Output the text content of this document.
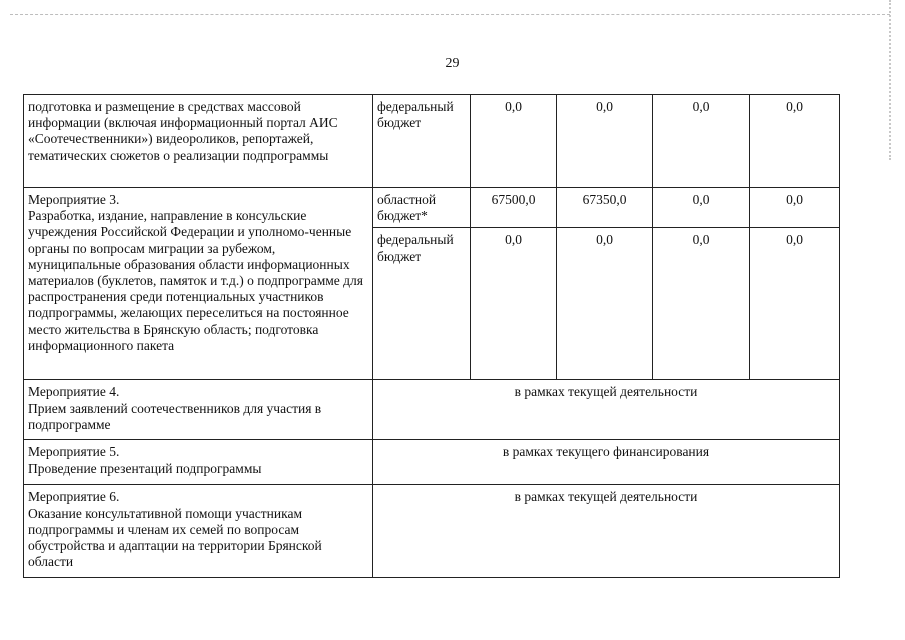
29
подготовка и размещение в средствах массовой информации (включая информационный портал АИС «Соотечественники») видеороликов, репортажей, тематических сюжетов о реализации подпрограммы	федеральный бюджет	0,0	0,0	0,0	0,0
Мероприятие 3.
Разработка, издание, направление в консульские учреждения Российской Федерации и уполномо-ченные органы по вопросам миграции за рубежом, муниципальные образования области информационных материалов (буклетов, памяток и т.д.) о подпрограмме для распространения среди потенциальных участников подпрограммы, желающих переселиться на постоянное место жительства в Брянскую область; подготовка информационного пакета	областной бюджет*	67500,0	67350,0	0,0	0,0
	федеральный бюджет	0,0	0,0	0,0	0,0
Мероприятие 4.
Прием заявлений соотечественников для участия в подпрограмме	в рамках текущей деятельности				
Мероприятие 5.
Проведение презентаций подпрограммы	в рамках текущего финансирования				
Мероприятие 6.
Оказание консультативной помощи участникам подпрограммы и членам их семей по вопросам обустройства и адаптации на территории Брянской области	в рамках текущей деятельности				
